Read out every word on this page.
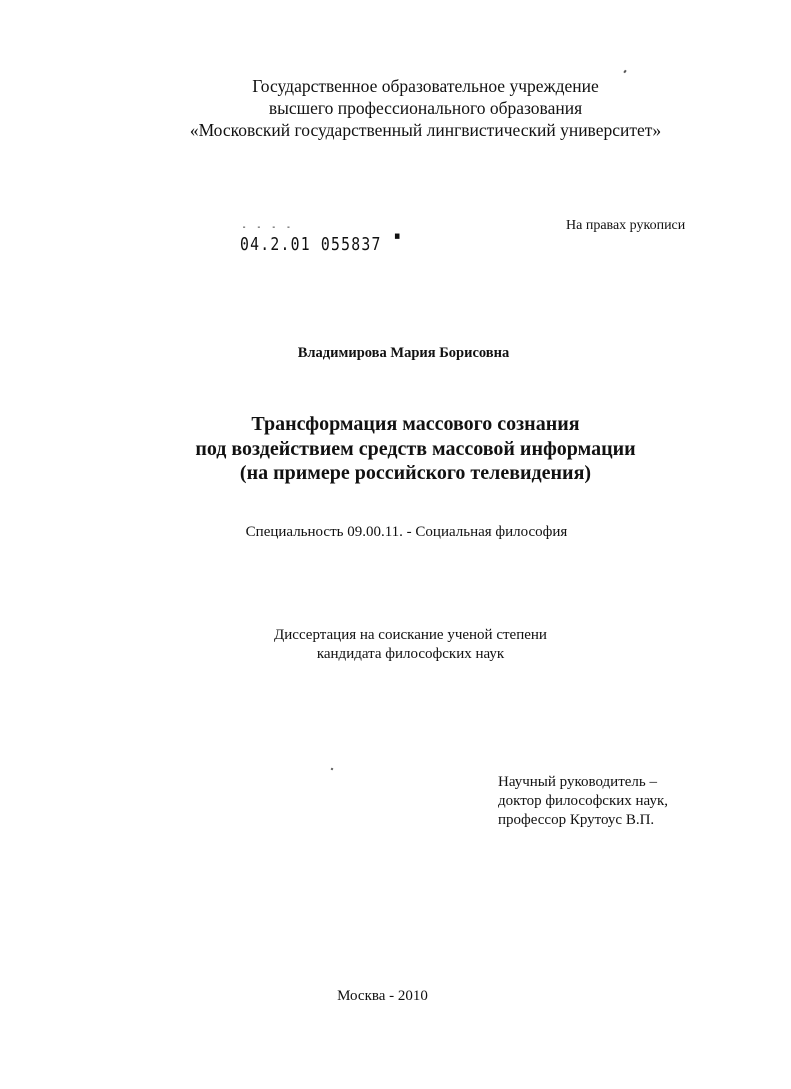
Государственное образовательное учреждение
высшего профессионального образования
«Московский государственный лингвистический университет»
На правах рукописи
- - - -
04.2.01 055837 ▀
Владимирова Мария Борисовна
Трансформация массового сознания
под воздействием средств массовой информации
(на примере российского телевидения)
Специальность 09.00.11. - Социальная философия
Диссертация на соискание ученой степени
кандидата философских наук
Научный руководитель –
доктор философских наук,
профессор Крутоус В.П.
Москва - 2010
